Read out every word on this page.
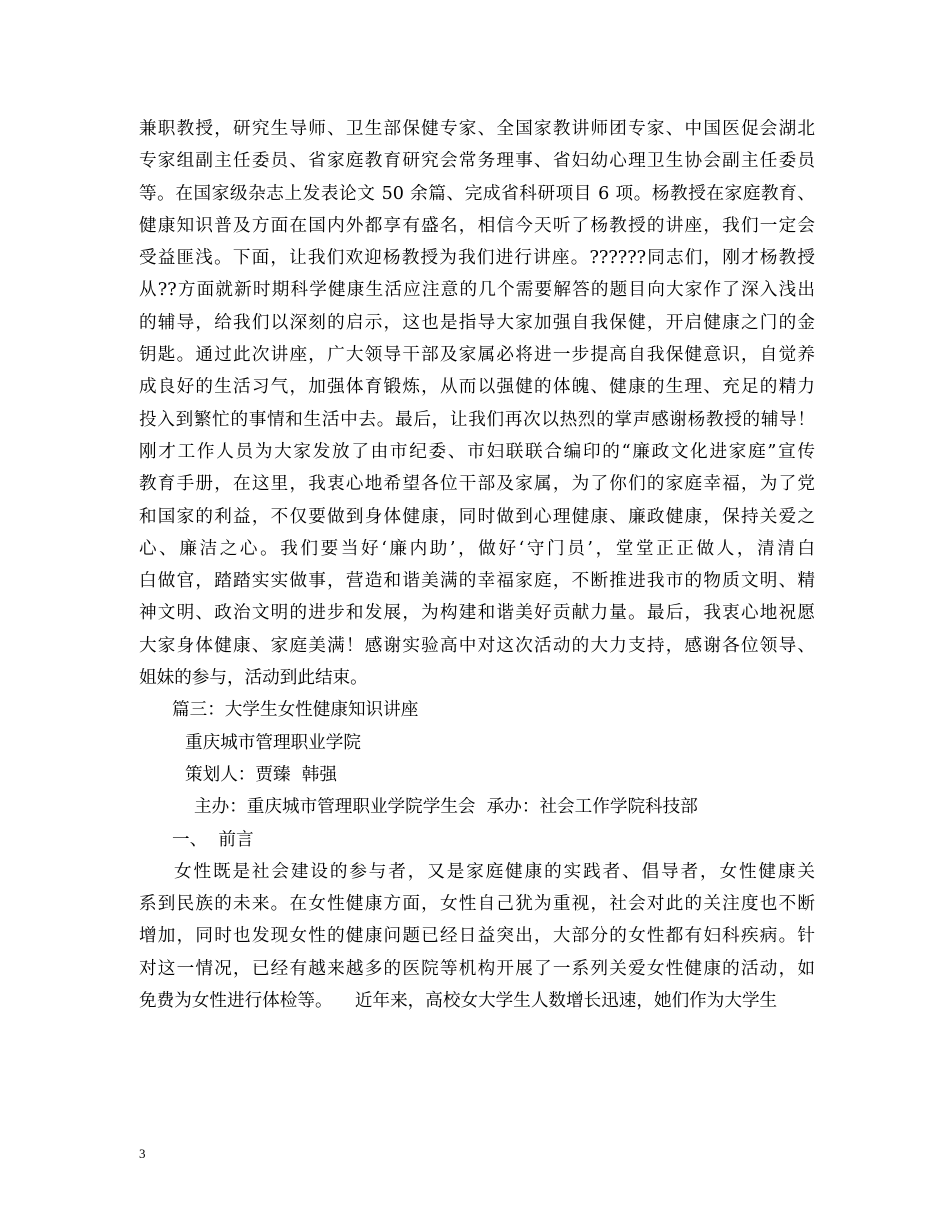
兼职教授，研究生导师、卫生部保健专家、全国家教讲师团专家、中国医促会湖北
专家组副主任委员、省家庭教育研究会常务理事、省妇幼心理卫生协会副主任委员
等。在国家级杂志上发表论文 50 余篇、完成省科研项目 6 项。杨教授在家庭教育、
健康知识普及方面在国内外都享有盛名，相信今天听了杨教授的讲座，我们一定会
受益匪浅。下面，让我们欢迎杨教授为我们进行讲座。??????同志们，刚才杨教授
从??方面就新时期科学健康生活应注意的几个需要解答的题目向大家作了深入浅出
的辅导，给我们以深刻的启示，这也是指导大家加强自我保健，开启健康之门的金
钥匙。通过此次讲座，广大领导干部及家属必将进一步提高自我保健意识，自觉养
成良好的生活习气，加强体育锻炼，从而以强健的体魄、健康的生理、充足的精力
投入到繁忙的事情和生活中去。最后，让我们再次以热烈的掌声感谢杨教授的辅导！
刚才工作人员为大家发放了由市纪委、市妇联联合编印的“廉政文化进家庭”宣传
教育手册，在这里，我衷心地希望各位干部及家属，为了你们的家庭幸福，为了党
和国家的利益，不仅要做到身体健康，同时做到心理健康、廉政健康，保持关爱之
心、廉洁之心。我们要当好‘廉内助’，做好‘守门员’，堂堂正正做人，清清白
白做官，踏踏实实做事，营造和谐美满的幸福家庭，不断推进我市的物质文明、精
神文明、政治文明的进步和发展，为构建和谐美好贡献力量。最后，我衷心地祝愿
大家身体健康、家庭美满！感谢实验高中对这次活动的大力支持，感谢各位领导、
姐妹的参与，活动到此结束。
篇三：大学生女性健康知识讲座
重庆城市管理职业学院
策划人：贾臻  韩强
主办：重庆城市管理职业学院学生会  承办：社会工作学院科技部
一、  前言
女性既是社会建设的参与者，又是家庭健康的实践者、倡导者，女性健康关
系到民族的未来。在女性健康方面，女性自己犹为重视，社会对此的关注度也不断
增加，同时也发现女性的健康问题已经日益突出，大部分的女性都有妇科疾病。针
对这一情况，已经有越来越多的医院等机构开展了一系列关爱女性健康的活动，如
免费为女性进行体检等。    近年来，高校女大学生人数增长迅速，她们作为大学生
3
